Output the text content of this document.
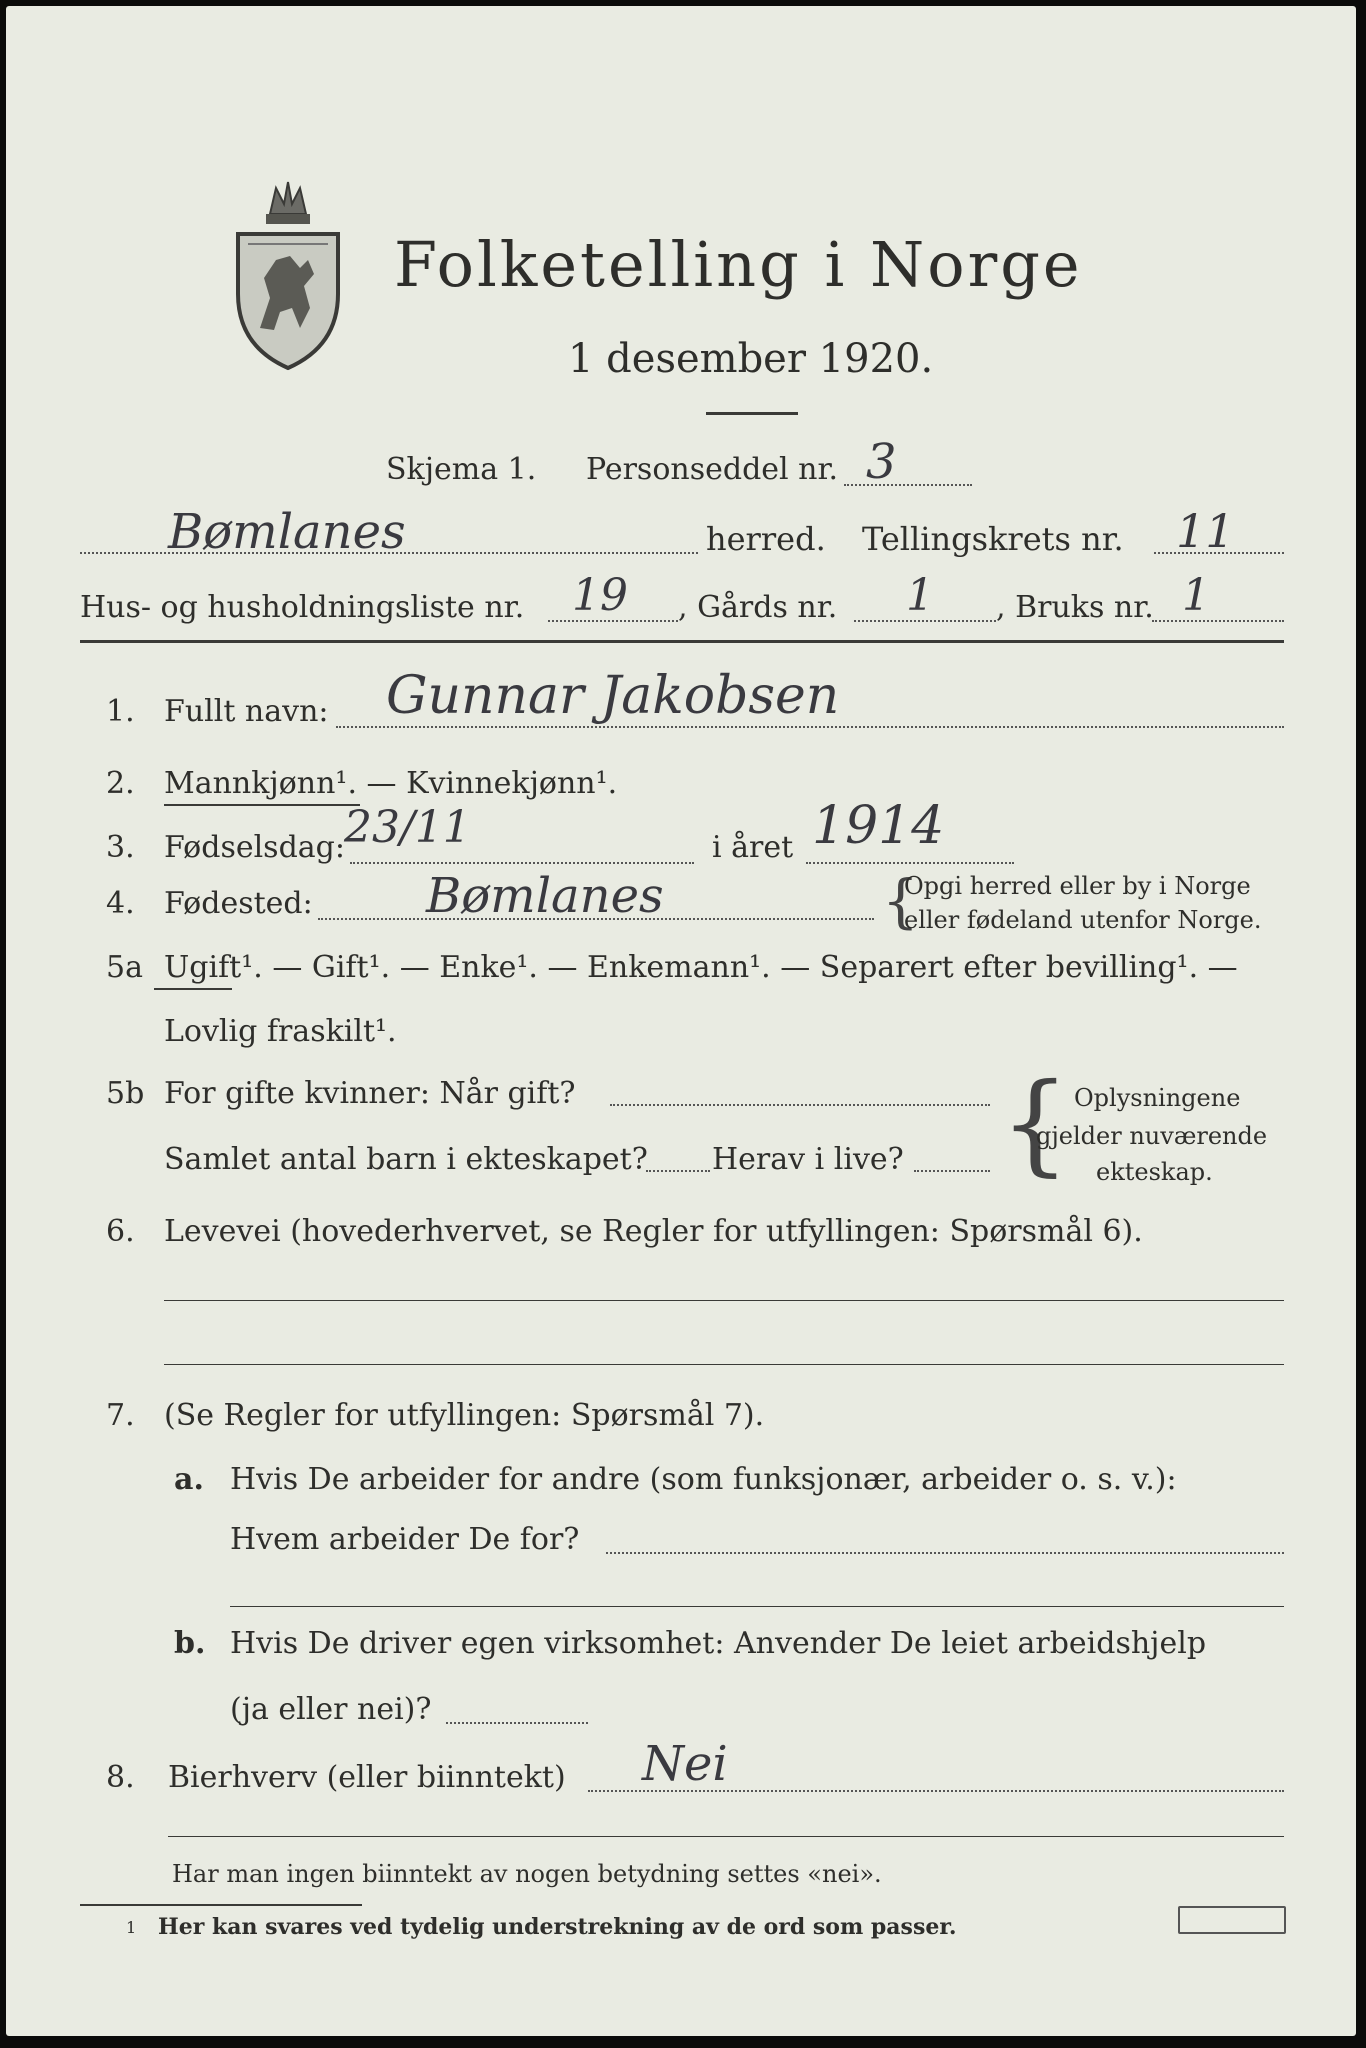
Folketelling i Norge
1 desember 1920.
Skjema 1. Personseddel nr. 3
Bømlanes	herred. Tellingskrets nr. 11
Hus- og husholdningsliste nr. 19 , Gårds nr. 1 , Bruks nr. 1
1. Fullt navn: Gunnar Jakobsen
2. Mannkjønn¹. — Kvinnekjønn¹.
3. Fødselsdag: 23/11	i året 1914
4. Fødested: Bømlanes	{
Opgi herred eller by i Norge
eller fødeland utenfor Norge.
5a Ugift¹. — Gift¹. — Enke¹. — Enkemann¹. — Separert efter bevilling¹. —
Lovlig fraskilt¹.
5b For gifte kvinner: Når gift?
Samlet antal barn i ekteskapet? Herav i live? { Oplysningene
gjelder nuværende
ekteskap.
6. Levevei (hovederhvervet, se Regler for utfyllingen: Spørsmål 6).
7. (Se Regler for utfyllingen: Spørsmål 7).
a. Hvis De arbeider for andre (som funksjonær, arbeider o. s. v.):
Hvem arbeider De for?
b. Hvis De driver egen virksomhet: Anvender De leiet arbeidshjelp
(ja eller nei)?
8. Bierhverv (eller biinntekt) Nei
Har man ingen biinntekt av nogen betydning settes «nei».
1 Her kan svares ved tydelig understrekning av de ord som passer.
